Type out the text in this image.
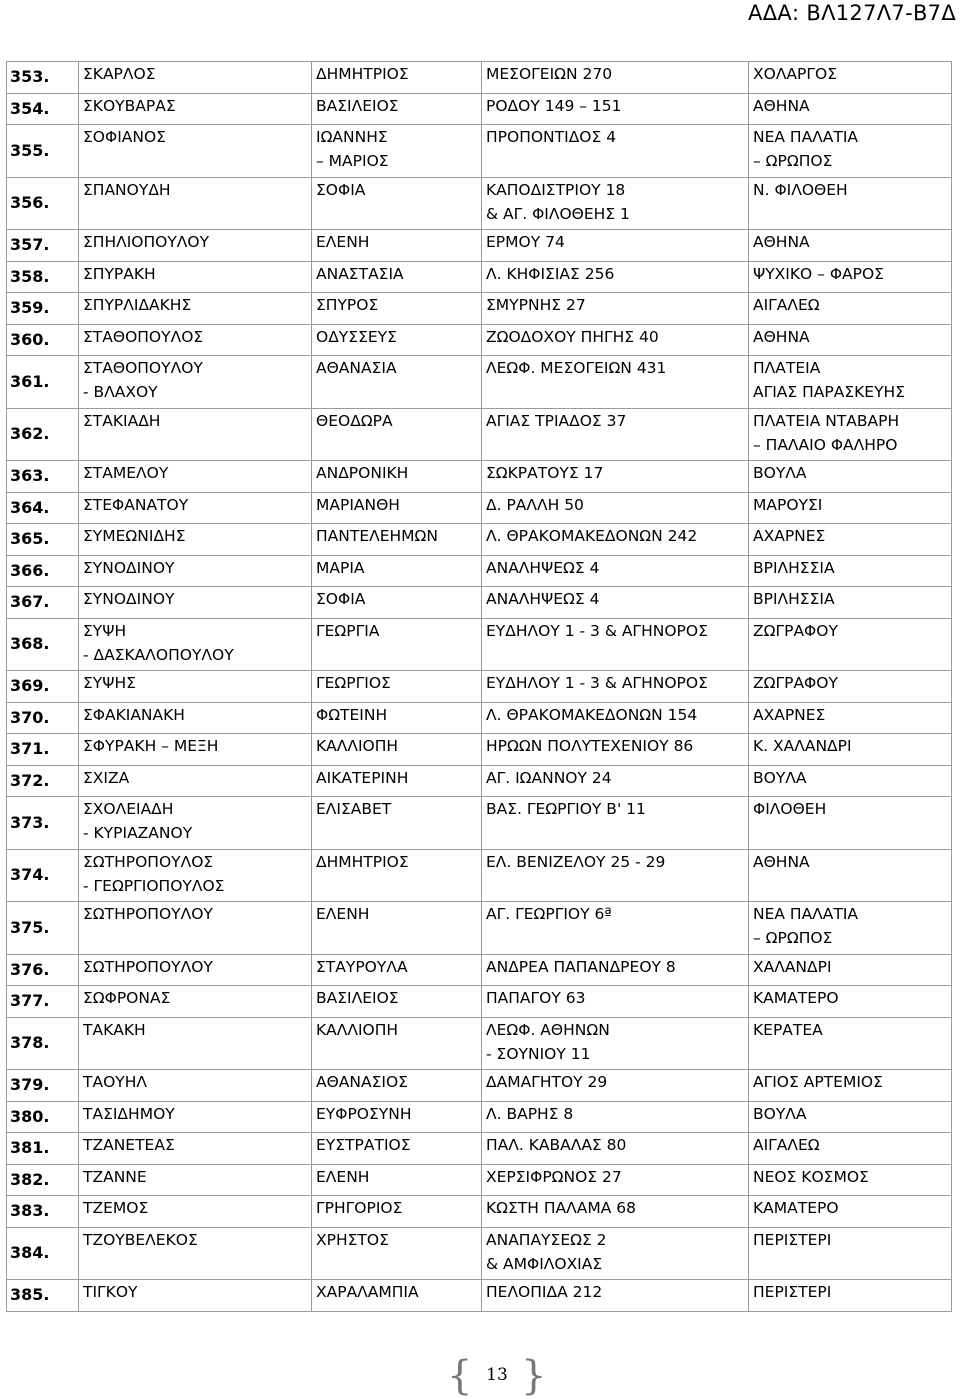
ΑΔΑ: ΒΛ127Λ7-Β7Δ
353.	ΣΚΑΡΛΟΣ	ΔΗΜΗΤΡΙΟΣ	ΜΕΣΟΓΕΙΩΝ 270	ΧΟΛΑΡΓΟΣ

354.	ΣΚΟΥΒΑΡΑΣ	ΒΑΣΙΛΕΙΟΣ	ΡΟΔΟΥ 149 – 151	ΑΘΗΝΑ

355.	ΣΟΦΙΑΝΟΣ	ΙΩΑΝΝΗΣ
– ΜΑΡΙΟΣ	ΠΡΟΠΟΝΤΙΔΟΣ 4	ΝΕΑ ΠΑΛΑΤΙΑ
– ΩΡΩΠΟΣ

356.	ΣΠΑΝΟΥΔΗ	ΣΟΦΙΑ	ΚΑΠΟΔΙΣΤΡΙΟΥ 18
& ΑΓ. ΦΙΛΟΘΕΗΣ 1	Ν. ΦΙΛΟΘΕΗ

357.	ΣΠΗΛΙΟΠΟΥΛΟΥ	ΕΛΕΝΗ	ΕΡΜΟΥ 74	ΑΘΗΝΑ

358.	ΣΠΥΡΑΚΗ	ΑΝΑΣΤΑΣΙΑ	Λ. ΚΗΦΙΣΙΑΣ 256	ΨΥΧΙΚΟ – ΦΑΡΟΣ

359.	ΣΠΥΡΛΙΔΑΚΗΣ	ΣΠΥΡΟΣ	ΣΜΥΡΝΗΣ 27	ΑΙΓΑΛΕΩ

360.	ΣΤΑΘΟΠΟΥΛΟΣ	ΟΔΥΣΣΕΥΣ	ΖΩΟΔΟΧΟΥ ΠΗΓΗΣ 40	ΑΘΗΝΑ

361.	ΣΤΑΘΟΠΟΥΛΟΥ
- ΒΛΑΧΟΥ	ΑΘΑΝΑΣΙΑ	ΛΕΩΦ. ΜΕΣΟΓΕΙΩΝ 431	ΠΛΑΤΕΙΑ
ΑΓΙΑΣ ΠΑΡΑΣΚΕΥΗΣ

362.	ΣΤΑΚΙΑΔΗ	ΘΕΟΔΩΡΑ	ΑΓΙΑΣ ΤΡΙΑΔΟΣ 37	ΠΛΑΤΕΙΑ ΝΤΑΒΑΡΗ
– ΠΑΛΑΙΟ ΦΑΛΗΡΟ

363.	ΣΤΑΜΕΛΟΥ	ΑΝΔΡΟΝΙΚΗ	ΣΩΚΡΑΤΟΥΣ 17	ΒΟΥΛΑ

364.	ΣΤΕΦΑΝΑΤΟΥ	ΜΑΡΙΑΝΘΗ	Δ. ΡΑΛΛΗ 50	ΜΑΡΟΥΣΙ

365.	ΣΥΜΕΩΝΙΔΗΣ	ΠΑΝΤΕΛΕΗΜΩΝ	Λ. ΘΡΑΚΟΜΑΚΕΔΟΝΩΝ 242	ΑΧΑΡΝΕΣ

366.	ΣΥΝΟΔΙΝΟΥ	ΜΑΡΙΑ	ΑΝΑΛΗΨΕΩΣ 4	ΒΡΙΛΗΣΣΙΑ

367.	ΣΥΝΟΔΙΝΟΥ	ΣΟΦΙΑ	ΑΝΑΛΗΨΕΩΣ 4	ΒΡΙΛΗΣΣΙΑ

368.	ΣΥΨΗ
- ΔΑΣΚΑΛΟΠΟΥΛΟΥ	ΓΕΩΡΓΙΑ	ΕΥΔΗΛΟΥ 1 - 3 & ΑΓΗΝΟΡΟΣ	ΖΩΓΡΑΦΟΥ

369.	ΣΥΨΗΣ	ΓΕΩΡΓΙΟΣ	ΕΥΔΗΛΟΥ 1 - 3 & ΑΓΗΝΟΡΟΣ	ΖΩΓΡΑΦΟΥ

370.	ΣΦΑΚΙΑΝΑΚΗ	ΦΩΤΕΙΝΗ	Λ. ΘΡΑΚΟΜΑΚΕΔΟΝΩΝ 154	ΑΧΑΡΝΕΣ

371.	ΣΦΥΡΑΚΗ – ΜΕΞΗ	ΚΑΛΛΙΟΠΗ	ΗΡΩΩΝ ΠΟΛΥΤΕΧΕΝΙΟΥ 86	Κ. ΧΑΛΑΝΔΡΙ

372.	ΣΧΙΖΑ	ΑΙΚΑΤΕΡΙΝΗ	ΑΓ. ΙΩΑΝΝΟΥ 24	ΒΟΥΛΑ

373.	ΣΧΟΛΕΙΑΔΗ
- ΚΥΡΙΑΖΑΝΟΥ	ΕΛΙΣΑΒΕΤ	ΒΑΣ. ΓΕΩΡΓΙΟΥ Β' 11	ΦΙΛΟΘΕΗ

374.	ΣΩΤΗΡΟΠΟΥΛΟΣ
- ΓΕΩΡΓΙΟΠΟΥΛΟΣ	ΔΗΜΗΤΡΙΟΣ	ΕΛ. ΒΕΝΙΖΕΛΟΥ 25 - 29	ΑΘΗΝΑ

375.	ΣΩΤΗΡΟΠΟΥΛΟΥ	ΕΛΕΝΗ	ΑΓ. ΓΕΩΡΓΙΟΥ 6ª	ΝΕΑ ΠΑΛΑΤΙΑ
– ΩΡΩΠΟΣ

376.	ΣΩΤΗΡΟΠΟΥΛΟΥ	ΣΤΑΥΡΟΥΛΑ	ΑΝΔΡΕΑ ΠΑΠΑΝΔΡΕΟΥ 8	ΧΑΛΑΝΔΡΙ

377.	ΣΩΦΡΟΝΑΣ	ΒΑΣΙΛΕΙΟΣ	ΠΑΠΑΓΟΥ 63	ΚΑΜΑΤΕΡΟ

378.	ΤΑΚΑΚΗ	ΚΑΛΛΙΟΠΗ	ΛΕΩΦ. ΑΘΗΝΩΝ
- ΣΟΥΝΙΟΥ 11	ΚΕΡΑΤΕΑ

379.	ΤΑΟΥΗΛ	ΑΘΑΝΑΣΙΟΣ	ΔΑΜΑΓΗΤΟΥ 29	ΑΓΙΟΣ ΑΡΤΕΜΙΟΣ

380.	ΤΑΣΙΔΗΜΟΥ	ΕΥΦΡΟΣΥΝΗ	Λ. ΒΑΡΗΣ 8	ΒΟΥΛΑ

381.	ΤΖΑΝΕΤΕΑΣ	ΕΥΣΤΡΑΤΙΟΣ	ΠΑΛ. ΚΑΒΑΛΑΣ 80	ΑΙΓΑΛΕΩ

382.	ΤΖΑΝΝΕ	ΕΛΕΝΗ	ΧΕΡΣΙΦΡΩΝΟΣ 27	ΝΕΟΣ ΚΟΣΜΟΣ

383.	ΤΖΕΜΟΣ	ΓΡΗΓΟΡΙΟΣ	ΚΩΣΤΗ ΠΑΛΑΜΑ 68	ΚΑΜΑΤΕΡΟ

384.	ΤΖΟΥΒΕΛΕΚΟΣ	ΧΡΗΣΤΟΣ	ΑΝΑΠΑΥΣΕΩΣ 2
& ΑΜΦΙΛΟΧΙΑΣ	ΠΕΡΙΣΤΕΡΙ

385.	ΤΙΓΚΟΥ	ΧΑΡΑΛΑΜΠΙΑ	ΠΕΛΟΠΙΔΑ 212	ΠΕΡΙΣΤΕΡΙ
{ 13 }
